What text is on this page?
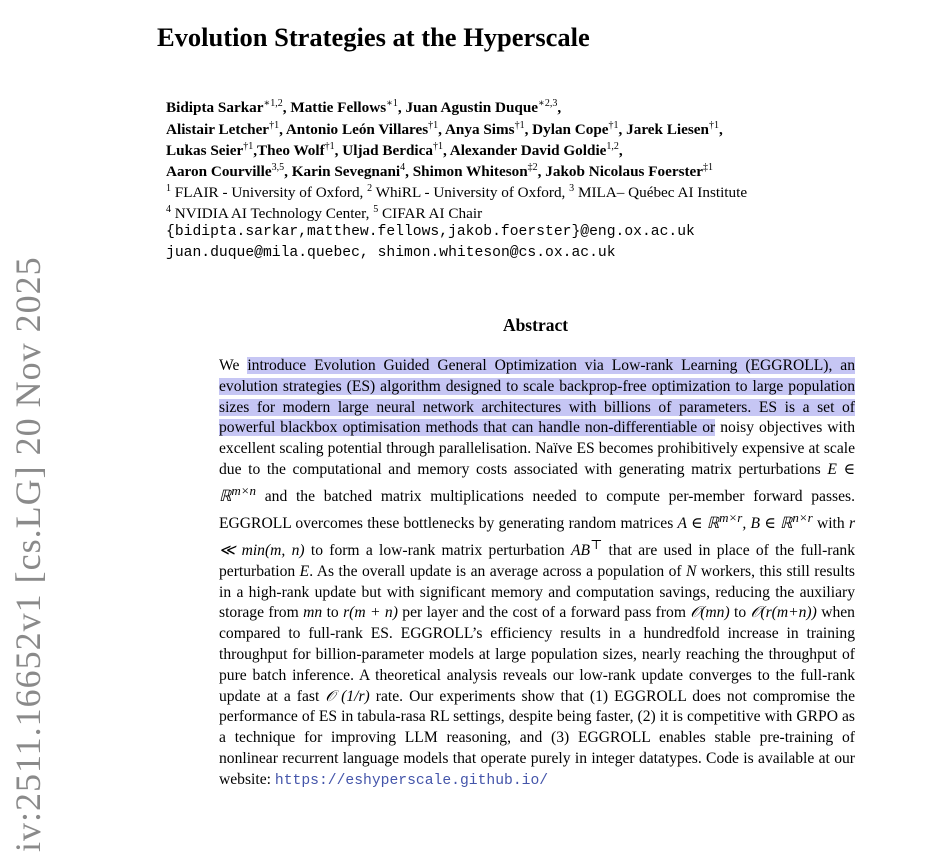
iv:2511.16652v1 [cs.LG] 20 Nov 2025
Evolution Strategies at the Hyperscale
Bidipta Sarkar$^{∗1,2}$, Mattie Fellows$^{∗1}$, Juan Agustin Duque$^{∗2,3}$,
Alistair Letcher$^{\dagger 1}$, Antonio León Villares$^{\dagger 1}$, Anya Sims$^{\dagger 1}$, Dylan Cope$^{\dagger 1}$, Jarek Liesen$^{\dagger 1}$,
Lukas Seier$^{\dagger 1}$,Theo Wolf$^{\dagger 1}$, Uljad Berdica$^{\dagger 1}$, Alexander David Goldie$^{1,2}$,
Aaron Courville$^{3,5}$, Karin Sevegnani$^4$, Shimon Whiteson$^{\ddagger 2}$, Jakob Nicolaus Foerster$^{\ddagger 1}$
$^1$ FLAIR - University of Oxford, $^2$ WhiRL - University of Oxford, $^3$ MILA– Québec AI Institute
$^4$ NVIDIA AI Technology Center, $^5$ CIFAR AI Chair
{bidipta.sarkar,matthew.fellows,jakob.foerster}@eng.ox.ac.uk
juan.duque@mila.quebec, shimon.whiteson@cs.ox.ac.uk
Abstract
We introduce Evolution Guided General Optimization via Low-rank Learning (EGGROLL), an evolution strategies (ES) algorithm designed to scale backprop-free optimization to large population sizes for modern large neural network architectures with billions of parameters. ES is a set of powerful blackbox optimisation methods that can handle non-differentiable or noisy objectives with excellent scaling potential through parallelisation. Naïve ES becomes prohibitively expensive at scale due to the computational and memory costs associated with generating matrix perturbations E ∈ ℝ$^{m\times n}$ and the batched matrix multiplications needed to compute per-member forward passes. EGGROLL overcomes these bottlenecks by generating random matrices A ∈ ℝ$^{m\times r}$, B ∈ ℝ$^{n\times r}$ with r ≪ min(m, n) to form a low-rank matrix perturbation AB⊤ that are used in place of the full-rank perturbation E. As the overall update is an average across a population of N workers, this still results in a high-rank update but with significant memory and computation savings, reducing the auxiliary storage from mn to r(m + n) per layer and the cost of a forward pass from 𝒪(mn) to 𝒪(r(m+n)) when compared to full-rank ES. EGGROLL’s efficiency results in a hundredfold increase in training throughput for billion-parameter models at large population sizes, nearly reaching the throughput of pure batch inference. A theoretical analysis reveals our low-rank update converges to the full-rank update at a fast 𝒪 (1/r) rate. Our experiments show that (1) EGGROLL does not compromise the performance of ES in tabula-rasa RL settings, despite being faster, (2) it is competitive with GRPO as a technique for improving LLM reasoning, and (3) EGGROLL enables stable pre-training of nonlinear recurrent language models that operate purely in integer datatypes. Code is available at our website: https://eshyperscale.github.io/
